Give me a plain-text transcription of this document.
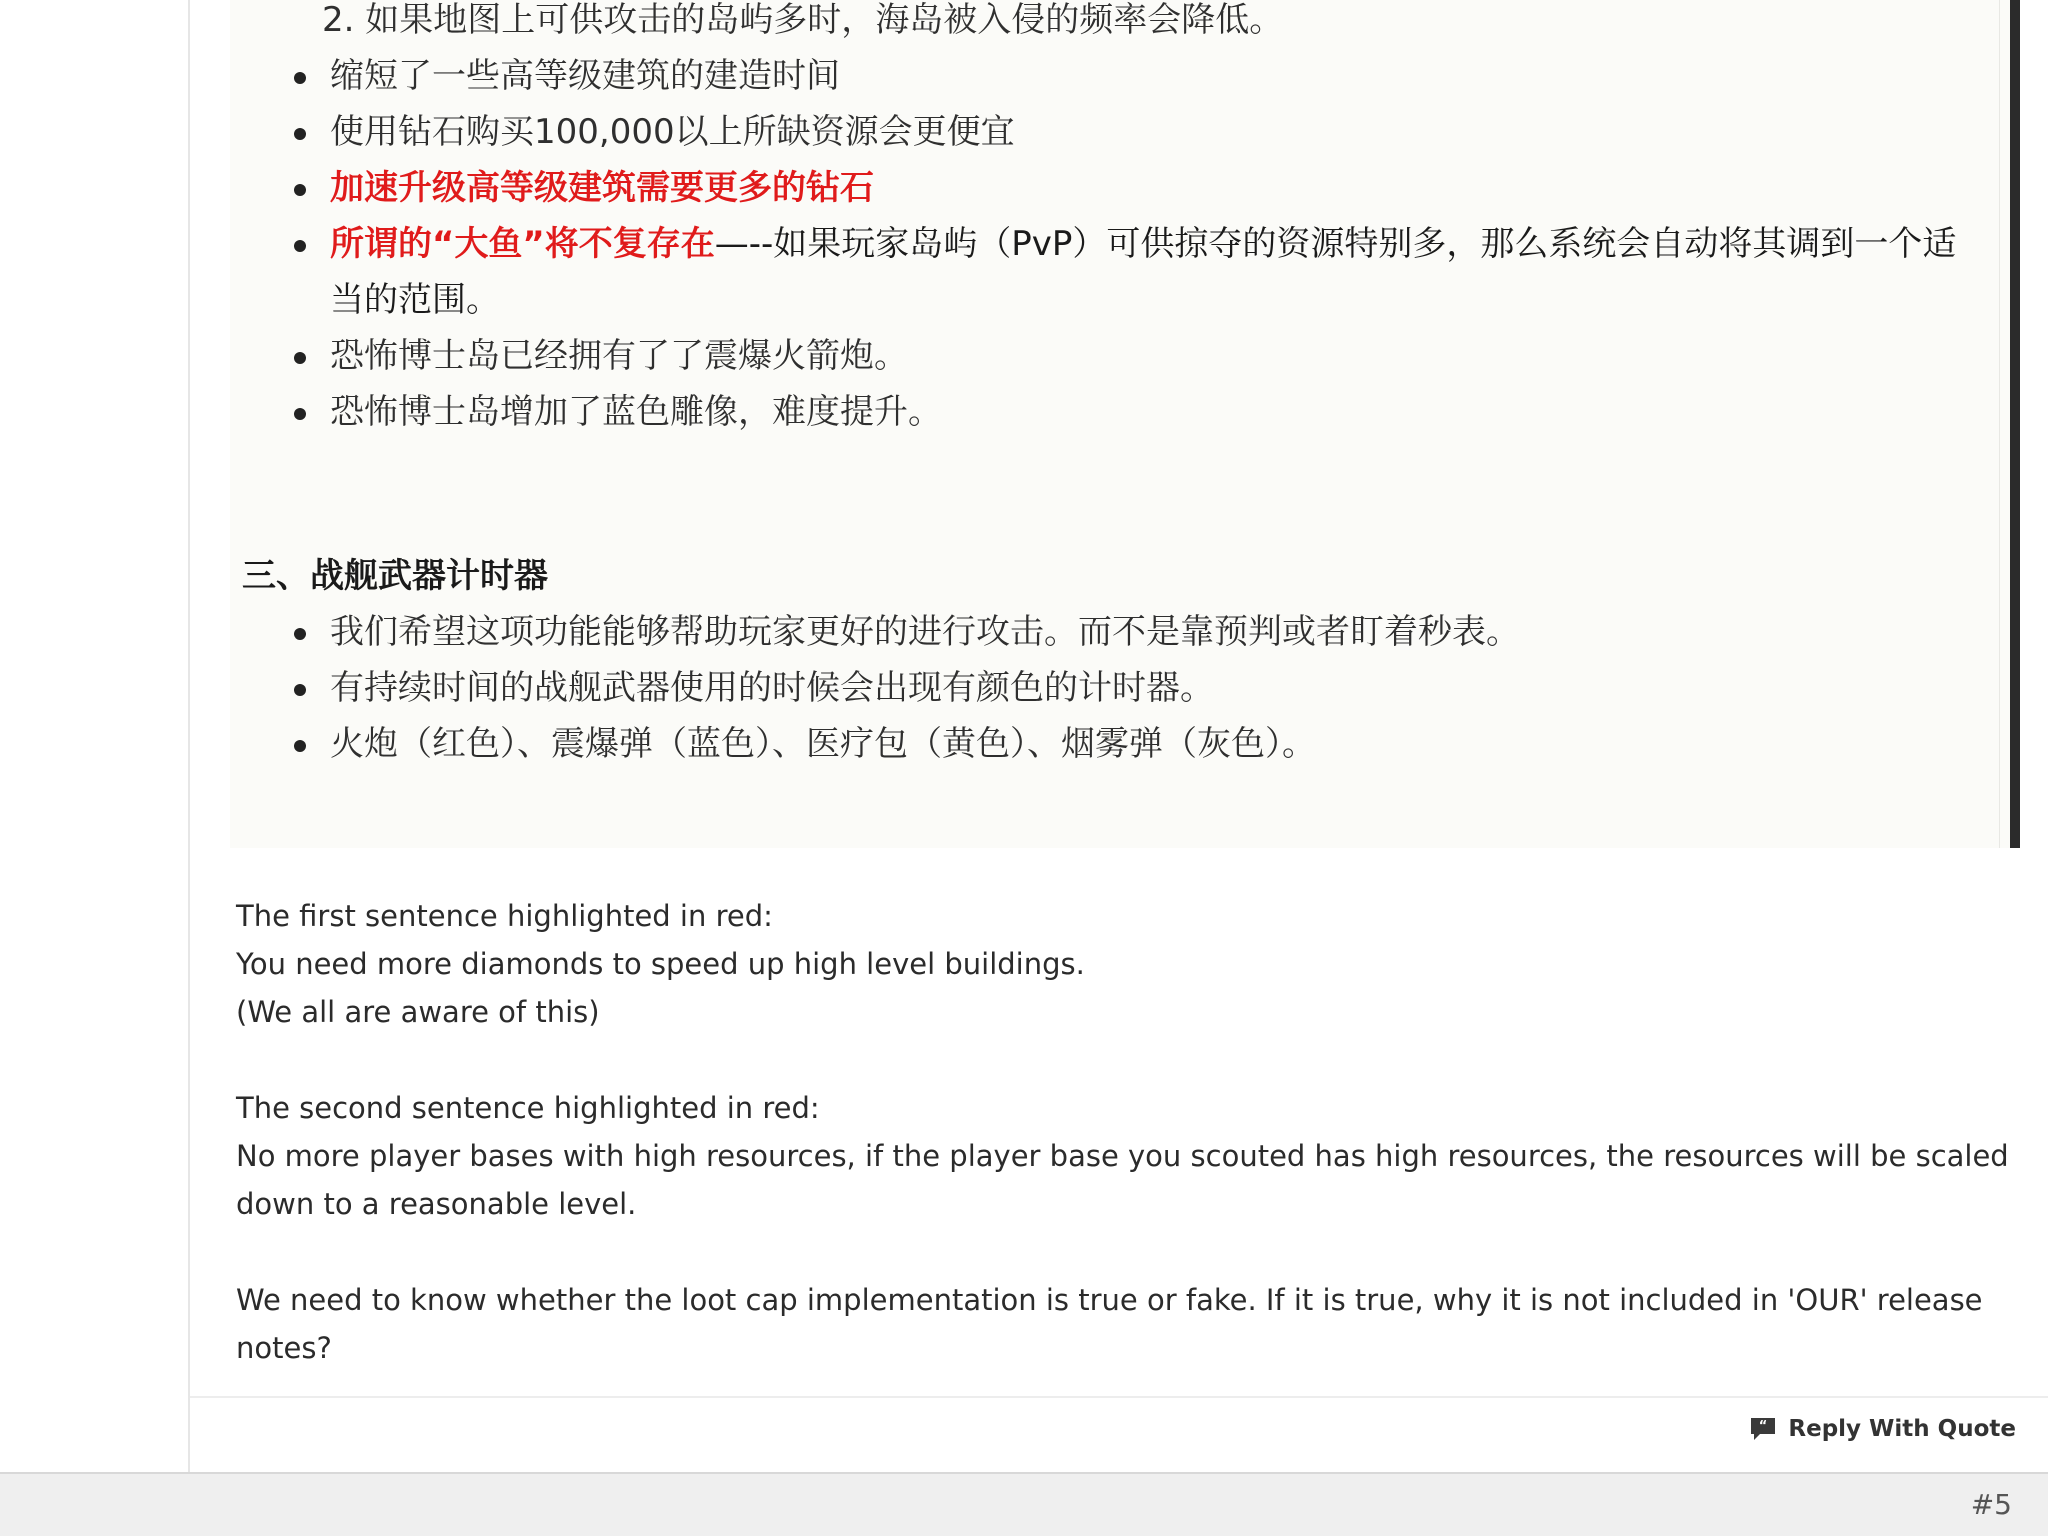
2. 如果地图上可供攻击的岛屿多时，海岛被入侵的频率会降低。
缩短了一些高等级建筑的建造时间
使用钻石购买100,000以上所缺资源会更便宜
加速升级高等级建筑需要更多的钻石
所谓的“大鱼”将不复存在—--如果玩家岛屿（PvP）可供掠夺的资源特别多，那么系统会自动将其调到一个适当的范围。
恐怖博士岛已经拥有了了震爆火箭炮。
恐怖博士岛增加了蓝色雕像，难度提升。
三、战舰武器计时器
我们希望这项功能能够帮助玩家更好的进行攻击。而不是靠预判或者盯着秒表。
有持续时间的战舰武器使用的时候会出现有颜色的计时器。
火炮（红色）、震爆弹（蓝色）、医疗包（黄色）、烟雾弹（灰色）。

The first sentence highlighted in red:

You need more diamonds to speed up high level buildings.

(We all are aware of this)

The second sentence highlighted in red:

No more player bases with high resources, if the player base you scouted has high resources, the resources will be scaled down to a reasonable level.

We need to know whether the loot cap implementation is true or fake. If it is true, why it is not included in 'OUR' release notes?

“ Reply With Quote
#5
